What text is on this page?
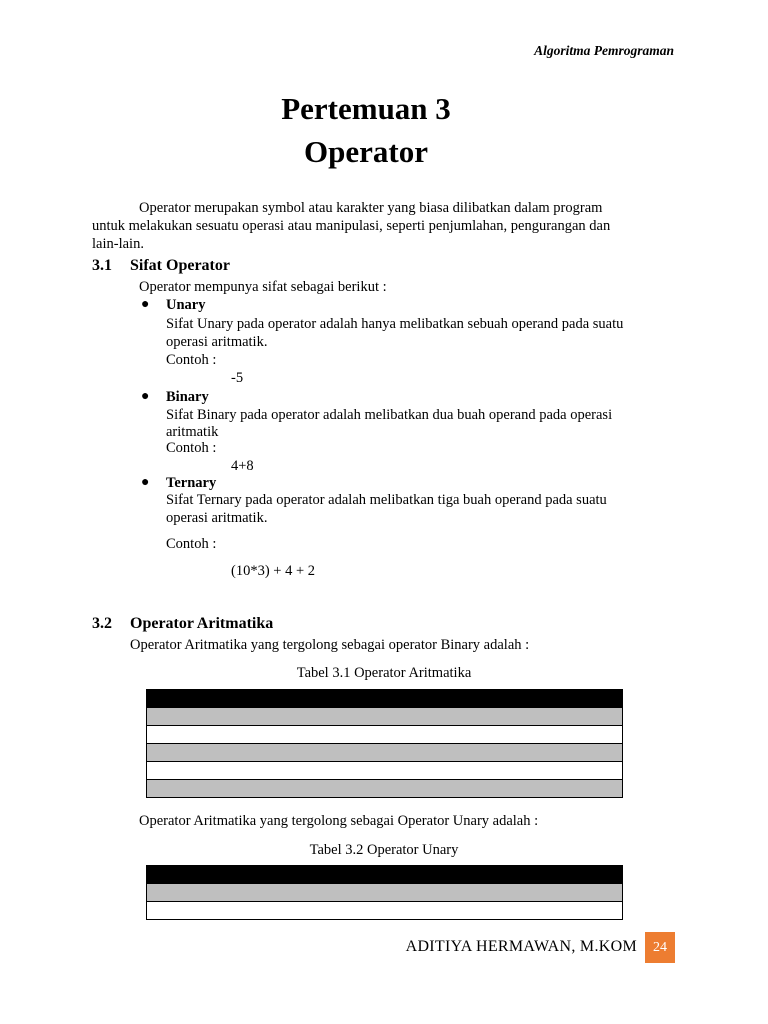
Algoritma Pemrograman
Pertemuan 3
Operator
Operator merupakan symbol atau karakter yang biasa dilibatkan dalam program
untuk melakukan sesuatu operasi atau manipulasi, seperti penjumlahan, pengurangan dan
lain-lain.
3.1 Sifat Operator
Operator mempunya sifat sebagai berikut :
● Unary
Sifat Unary pada operator adalah hanya melibatkan sebuah operand pada suatu
operasi aritmatik.
Contoh :
-5
● Binary
Sifat Binary pada operator adalah melibatkan dua buah operand pada operasi
aritmatik
Contoh :
4+8
● Ternary
Sifat Ternary pada operator adalah melibatkan tiga buah operand pada suatu
operasi aritmatik.
Contoh :
(10*3) + 4 + 2
3.2 Operator Aritmatika
Operator Aritmatika yang tergolong sebagai operator Binary adalah :
Tabel 3.1 Operator Aritmatika

Operator Aritmatika yang tergolong sebagai Operator Unary adalah :
Tabel 3.2 Operator Unary

ADITIYA HERMAWAN, M.KOM	24
